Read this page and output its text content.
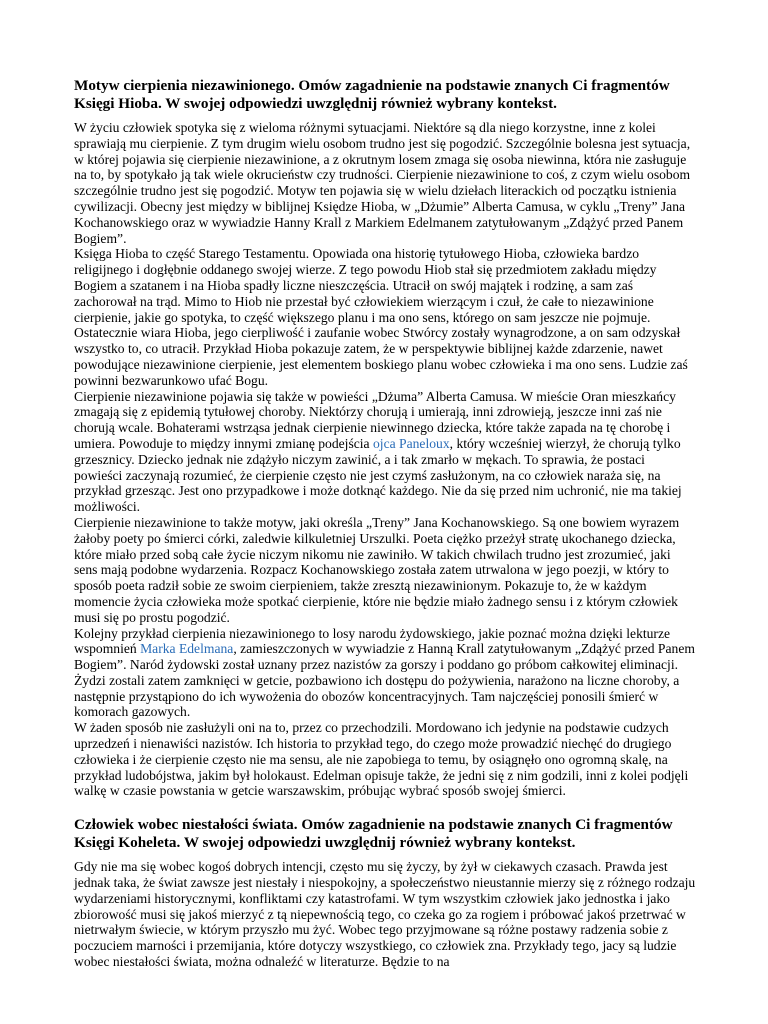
Motyw cierpienia niezawinionego. Omów zagadnienie na podstawie znanych Ci fragmentów Księgi Hioba. W swojej odpowiedzi uwzględnij również wybrany kontekst.

W życiu człowiek spotyka się z wieloma różnymi sytuacjami. Niektóre są dla niego korzystne, inne z kolei sprawiają mu cierpienie. Z tym drugim wielu osobom trudno jest się pogodzić. Szczególnie bolesna jest sytuacja, w której pojawia się cierpienie niezawinione, a z okrutnym losem zmaga się osoba niewinna, która nie zasługuje na to, by spotykało ją tak wiele okrucieństw czy trudności. Cierpienie niezawinione to coś, z czym wielu osobom szczególnie trudno jest się pogodzić. Motyw ten pojawia się w wielu dziełach literackich od początku istnienia cywilizacji. Obecny jest między w biblijnej Księdze Hioba, w „Dżumie” Alberta Camusa, w cyklu „Treny” Jana Kochanowskiego oraz w wywiadzie Hanny Krall z Markiem Edelmanem zatytułowanym „Zdążyć przed Panem Bogiem”.

Księga Hioba to część Starego Testamentu. Opowiada ona historię tytułowego Hioba, człowieka bardzo religijnego i dogłębnie oddanego swojej wierze. Z tego powodu Hiob stał się przedmiotem zakładu między Bogiem a szatanem i na Hioba spadły liczne nieszczęścia. Utracił on swój majątek i rodzinę, a sam zaś zachorował na trąd. Mimo to Hiob nie przestał być człowiekiem wierzącym i czuł, że całe to niezawinione cierpienie, jakie go spotyka, to część większego planu i ma ono sens, którego on sam jeszcze nie pojmuje. Ostatecznie wiara Hioba, jego cierpliwość i zaufanie wobec Stwórcy zostały wynagrodzone, a on sam odzyskał wszystko to, co utracił. Przykład Hioba pokazuje zatem, że w perspektywie biblijnej każde zdarzenie, nawet powodujące niezawinione cierpienie, jest elementem boskiego planu wobec człowieka i ma ono sens. Ludzie zaś powinni bezwarunkowo ufać Bogu.

Cierpienie niezawinione pojawia się także w powieści „Dżuma” Alberta Camusa. W mieście Oran mieszkańcy zmagają się z epidemią tytułowej choroby. Niektórzy chorują i umierają, inni zdrowieją, jeszcze inni zaś nie chorują wcale. Bohaterami wstrząsa jednak cierpienie niewinnego dziecka, które także zapada na tę chorobę i umiera. Powoduje to między innymi zmianę podejścia ojca Paneloux, który wcześniej wierzył, że chorują tylko grzesznicy. Dziecko jednak nie zdążyło niczym zawinić, a i tak zmarło w mękach. To sprawia, że postaci powieści zaczynają rozumieć, że cierpienie często nie jest czymś zasłużonym, na co człowiek naraża się, na przykład grzesząc. Jest ono przypadkowe i może dotknąć każdego. Nie da się przed nim uchronić, nie ma takiej możliwości.

Cierpienie niezawinione to także motyw, jaki określa „Treny” Jana Kochanowskiego. Są one bowiem wyrazem żałoby poety po śmierci córki, zaledwie kilkuletniej Urszulki. Poeta ciężko przeżył stratę ukochanego dziecka, które miało przed sobą całe życie niczym nikomu nie zawiniło. W takich chwilach trudno jest zrozumieć, jaki sens mają podobne wydarzenia. Rozpacz Kochanowskiego została zatem utrwalona w jego poezji, w który to sposób poeta radził sobie ze swoim cierpieniem, także zresztą niezawinionym. Pokazuje to, że w każdym momencie życia człowieka może spotkać cierpienie, które nie będzie miało żadnego sensu i z którym człowiek musi się po prostu pogodzić.

Kolejny przykład cierpienia niezawinionego to losy narodu żydowskiego, jakie poznać można dzięki lekturze wspomnień Marka Edelmana, zamieszczonych w wywiadzie z Hanną Krall zatytułowanym „Zdążyć przed Panem Bogiem”. Naród żydowski został uznany przez nazistów za gorszy i poddano go próbom całkowitej eliminacji. Żydzi zostali zatem zamknięci w getcie, pozbawiono ich dostępu do pożywienia, narażono na liczne choroby, a następnie przystąpiono do ich wywożenia do obozów koncentracyjnych. Tam najczęściej ponosili śmierć w komorach gazowych.

W żaden sposób nie zasłużyli oni na to, przez co przechodzili. Mordowano ich jedynie na podstawie cudzych uprzedzeń i nienawiści nazistów. Ich historia to przykład tego, do czego może prowadzić niechęć do drugiego człowieka i że cierpienie często nie ma sensu, ale nie zapobiega to temu, by osiągnęło ono ogromną skalę, na przykład ludobójstwa, jakim był holokaust. Edelman opisuje także, że jedni się z nim godzili, inni z kolei podjęli walkę w czasie powstania w getcie warszawskim, próbując wybrać sposób swojej śmierci.

Człowiek wobec niestałości świata. Omów zagadnienie na podstawie znanych Ci fragmentów Księgi Koheleta. W swojej odpowiedzi uwzględnij również wybrany kontekst.

Gdy nie ma się wobec kogoś dobrych intencji, często mu się życzy, by żył w ciekawych czasach. Prawda jest jednak taka, że świat zawsze jest niestały i niespokojny, a społeczeństwo nieustannie mierzy się z różnego rodzaju wydarzeniami historycznymi, konfliktami czy katastrofami. W tym wszystkim człowiek jako jednostka i jako zbiorowość musi się jakoś mierzyć z tą niepewnością tego, co czeka go za rogiem i próbować jakoś przetrwać w nietrwałym świecie, w którym przyszło mu żyć. Wobec tego przyjmowane są różne postawy radzenia sobie z poczuciem marności i przemijania, które dotyczy wszystkiego, co człowiek zna. Przykłady tego, jacy są ludzie wobec niestałości świata, można odnaleźć w literaturze. Będzie to na
